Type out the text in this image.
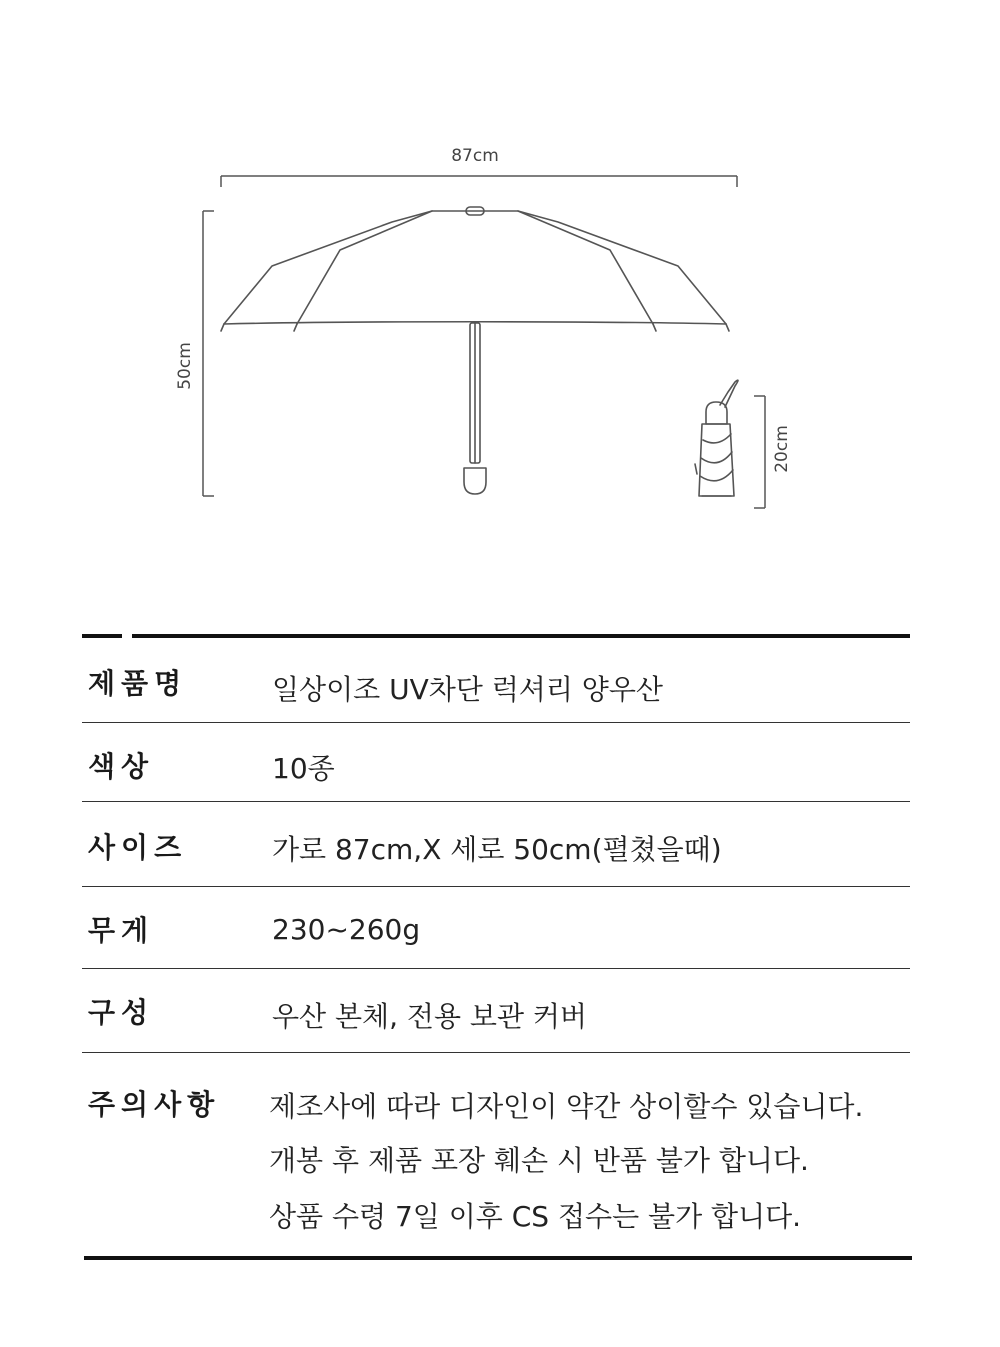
87cm
50cm
20cm
제품명	일상이조 UV차단 럭셔리 양우산
색상	10종
사이즈	가로 87cm,X 세로 50cm(펼쳤을때)
무게	230~260g
구성	우산 본체, 전용 보관 커버
주의사항 제조사에 따라 디자인이 약간 상이할수 있습니다.
개봉 후 제품 포장 훼손 시 반품 불가 합니다.
상품 수령 7일 이후 CS 접수는 불가 합니다.
